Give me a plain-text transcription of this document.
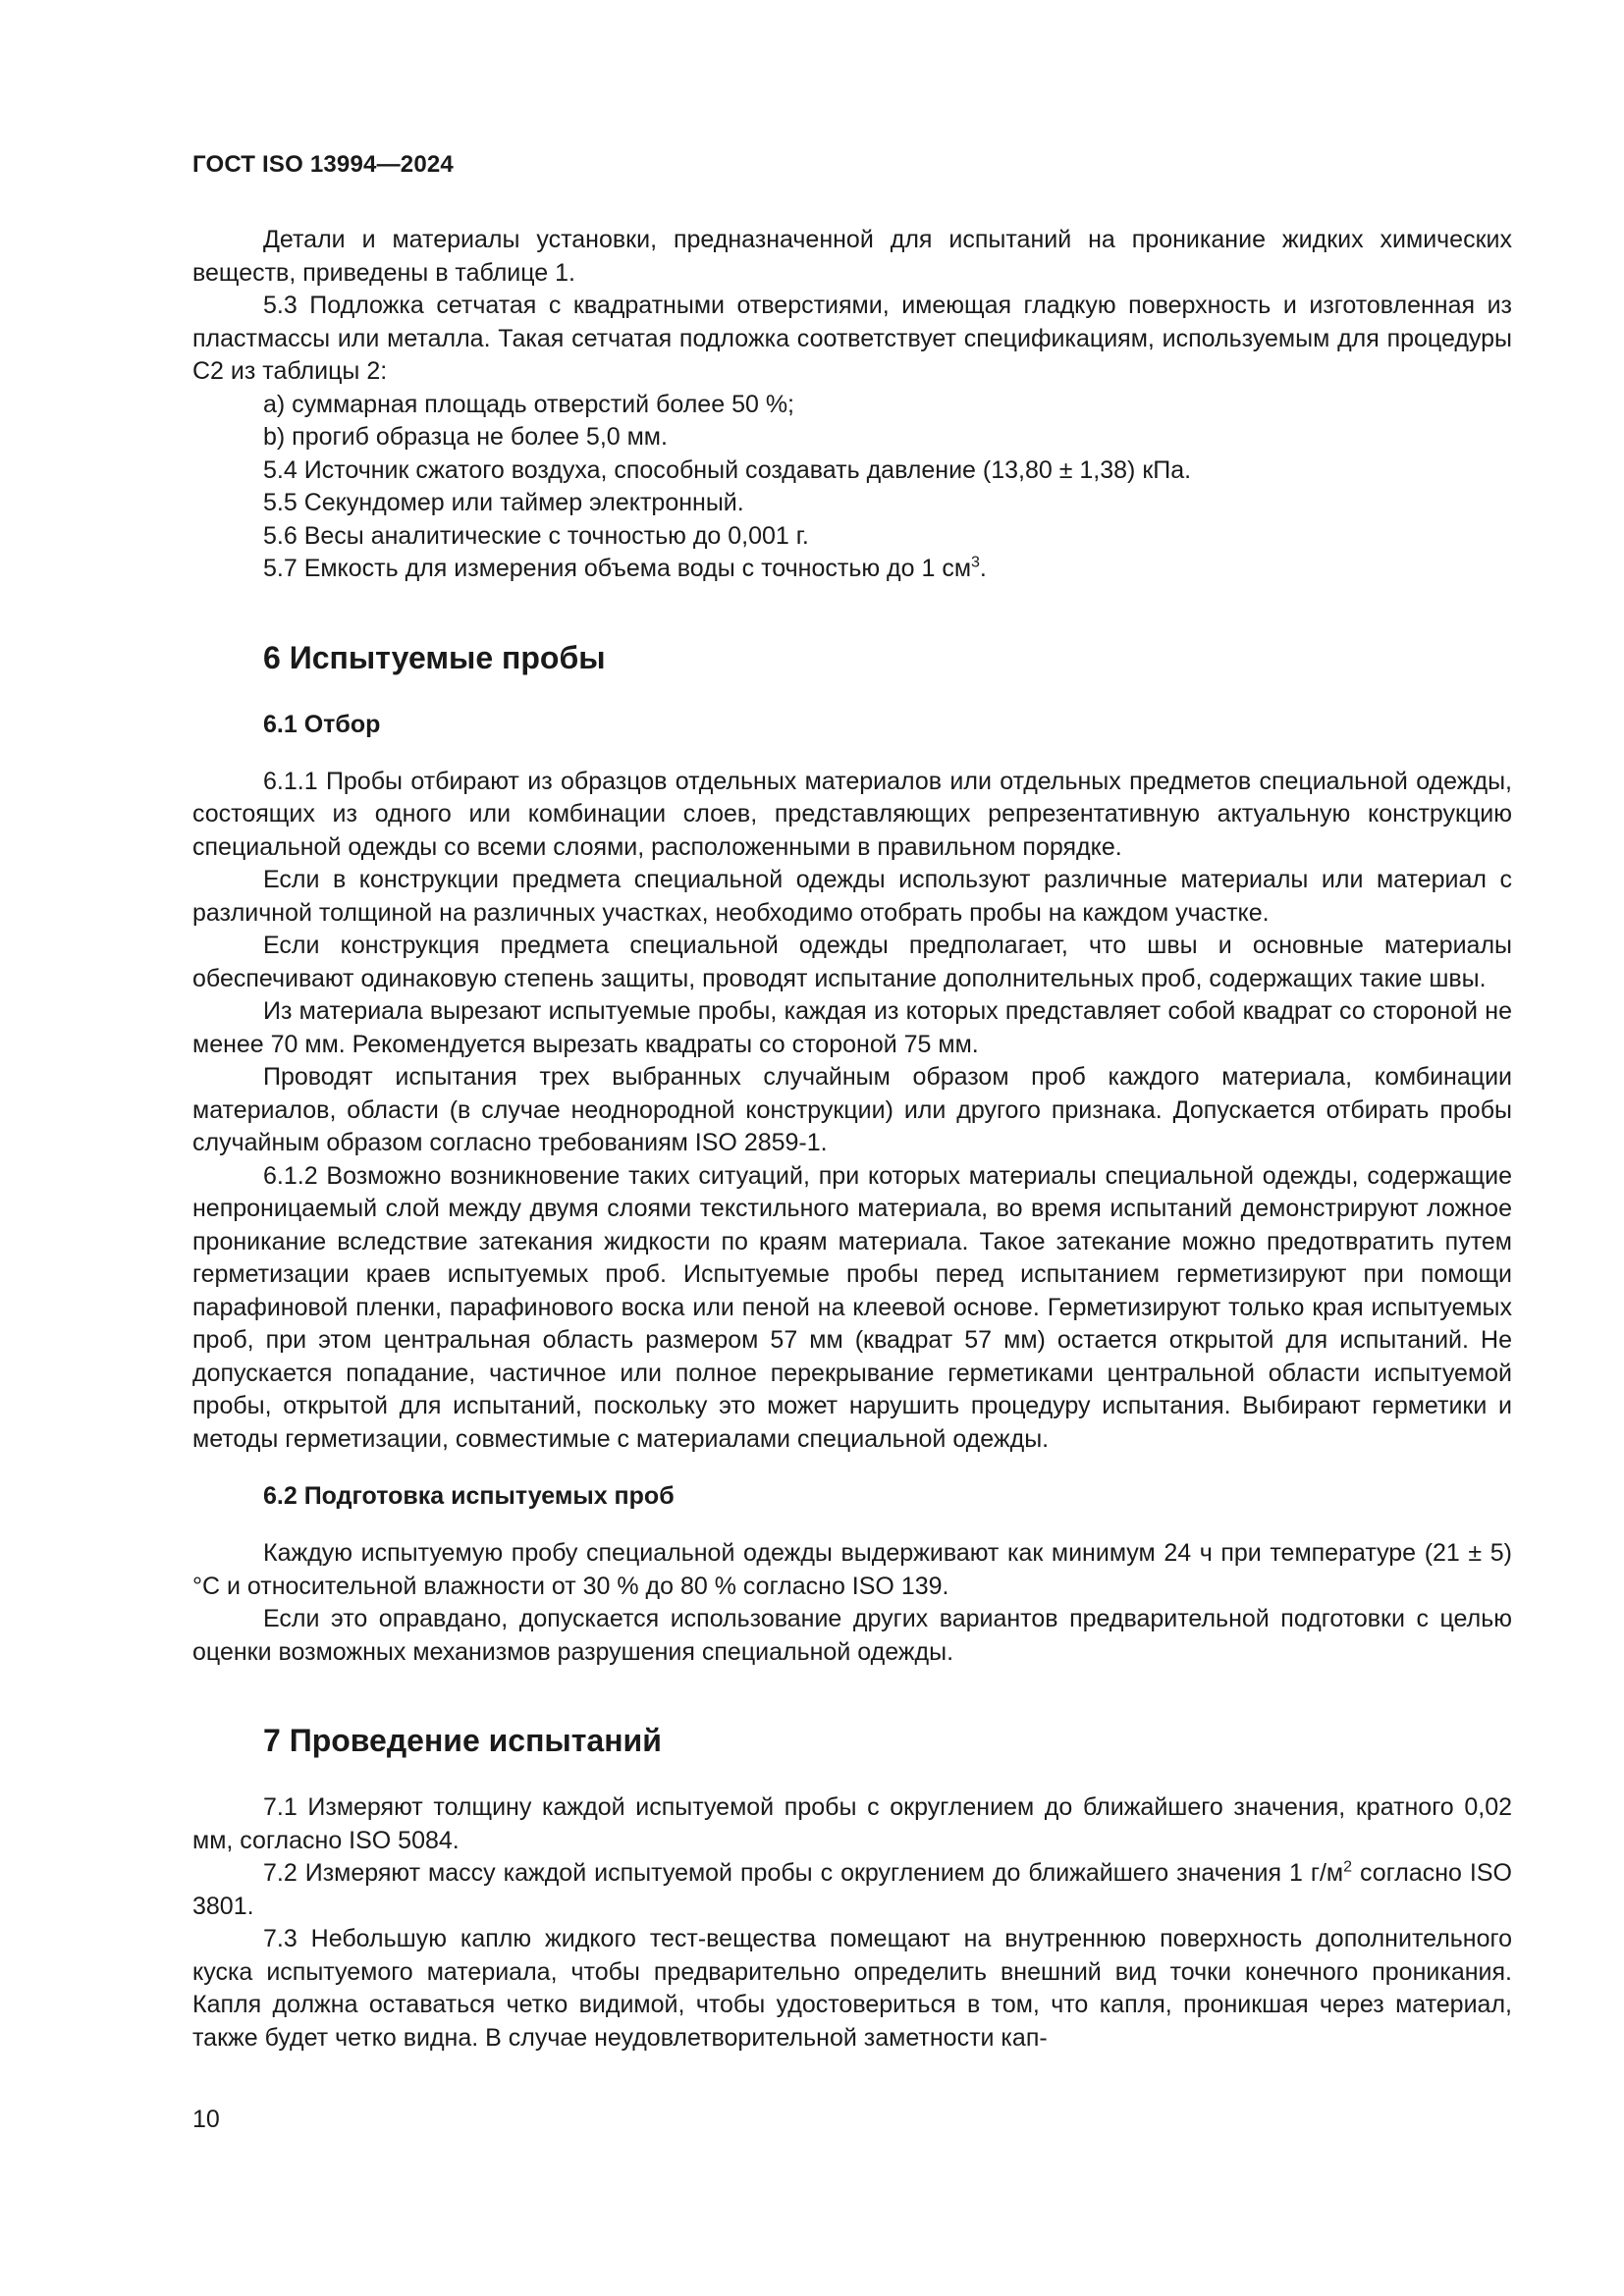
ГОСТ ISO 13994—2024

Детали и материалы установки, предназначенной для испытаний на проникание жидких химических веществ, приведены в таблице 1.

5.3 Подложка сетчатая с квадратными отверстиями, имеющая гладкую поверхность и изготовленная из пластмассы или металла. Такая сетчатая подложка соответствует спецификациям, используемым для процедуры С2 из таблицы 2:

a) суммарная площадь отверстий более 50 %;

b) прогиб образца не более 5,0 мм.

5.4 Источник сжатого воздуха, способный создавать давление (13,80 ± 1,38) кПа.

5.5 Секундомер или таймер электронный.

5.6 Весы аналитические с точностью до 0,001 г.

5.7 Емкость для измерения объема воды с точностью до 1 $см^3$.

6 Испытуемые пробы
6.1 Отбор

6.1.1 Пробы отбирают из образцов отдельных материалов или отдельных предметов специальной одежды, состоящих из одного или комбинации слоев, представляющих репрезентативную актуальную конструкцию специальной одежды со всеми слоями, расположенными в правильном порядке.

Если в конструкции предмета специальной одежды используют различные материалы или материал с различной толщиной на различных участках, необходимо отобрать пробы на каждом участке.

Если конструкция предмета специальной одежды предполагает, что швы и основные материалы обеспечивают одинаковую степень защиты, проводят испытание дополнительных проб, содержащих такие швы.

Из материала вырезают испытуемые пробы, каждая из которых представляет собой квадрат со стороной не менее 70 мм. Рекомендуется вырезать квадраты со стороной 75 мм.

Проводят испытания трех выбранных случайным образом проб каждого материала, комбинации материалов, области (в случае неоднородной конструкции) или другого признака. Допускается отбирать пробы случайным образом согласно требованиям ISO 2859-1.

6.1.2 Возможно возникновение таких ситуаций, при которых материалы специальной одежды, содержащие непроницаемый слой между двумя слоями текстильного материала, во время испытаний демонстрируют ложное проникание вследствие затекания жидкости по краям материала. Такое затекание можно предотвратить путем герметизации краев испытуемых проб. Испытуемые пробы перед испытанием герметизируют при помощи парафиновой пленки, парафинового воска или пеной на клеевой основе. Герметизируют только края испытуемых проб, при этом центральная область размером 57 мм (квадрат 57 мм) остается открытой для испытаний. Не допускается попадание, частичное или полное перекрывание герметиками центральной области испытуемой пробы, открытой для испытаний, поскольку это может нарушить процедуру испытания. Выбирают герметики и методы герметизации, совместимые с материалами специальной одежды.

6.2 Подготовка испытуемых проб

Каждую испытуемую пробу специальной одежды выдерживают как минимум 24 ч при температуре (21 ± 5) °С и относительной влажности от 30 % до 80 % согласно ISO 139.

Если это оправдано, допускается использование других вариантов предварительной подготовки с целью оценки возможных механизмов разрушения специальной одежды.

7 Проведение испытаний

7.1 Измеряют толщину каждой испытуемой пробы с округлением до ближайшего значения, кратного 0,02 мм, согласно ISO 5084.

7.2 Измеряют массу каждой испытуемой пробы с округлением до ближайшего значения 1 $г/м^2$ согласно ISO 3801.

7.3 Небольшую каплю жидкого тест-вещества помещают на внутреннюю поверхность дополнительного куска испытуемого материала, чтобы предварительно определить внешний вид точки конечного проникания. Капля должна оставаться четко видимой, чтобы удостовериться в том, что капля, проникшая через материал, также будет четко видна. В случае неудовлетворительной заметности кап-

10
